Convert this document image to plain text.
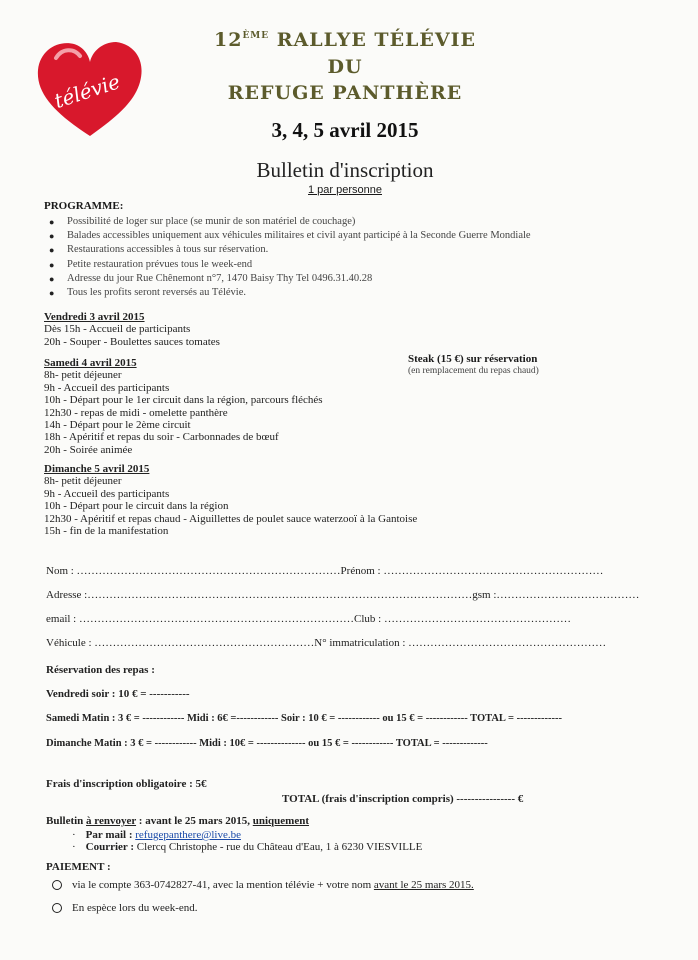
télévie
12ÈME RALLYE TÉLÉVIE
DU
REFUGE PANTHÈRE
3, 4, 5 avril 2015
Bulletin d'inscription
1 par personne
PROGRAMME:
● Possibilité de loger sur place (se munir de son matériel de couchage)
● Balades accessibles uniquement aux véhicules militaires et civil ayant participé à la Seconde Guerre Mondiale
● Restaurations accessibles à tous sur réservation.
● Petite restauration prévues tous le week-end
● Adresse du jour Rue Chênemont n°7, 1470 Baisy Thy Tel 0496.31.40.28
● Tous les profits seront reversés au Télévie.
Vendredi 3 avril 2015
Dès 15h - Accueil de participants
20h - Souper - Boulettes sauces tomates
Samedi 4 avril 2015
8h- petit déjeuner
9h - Accueil des participants
10h - Départ pour le 1er circuit dans la région, parcours fléchés
12h30 - repas de midi - omelette panthère
14h - Départ pour le 2ème circuit
18h - Apéritif et repas du soir - Carbonnades de bœuf
20h - Soirée animée
Steak (15 €) sur réservation
(en remplacement du repas chaud)
Dimanche 5 avril 2015
8h- petit déjeuner
9h - Accueil des participants
10h - Départ pour le circuit dans la région
12h30 - Apéritif et repas chaud - Aiguillettes de poulet sauce waterzooï à la Gantoise
15h - fin de la manifestation
Nom : ………………………………………………………………Prénom : ……………………………………………………
Adresse :……………………………………………………………………………………………gsm :…………………………………
email : …………………………………………………………………Club : ……………………………………………
Véhicule : ……………………………………………………N° immatriculation : ………………………………………………
Réservation des repas :
Vendredi soir : 10 € = -----------
Samedi Matin : 3 € = ------------ Midi : 6€ =------------ Soir : 10 € = ------------ ou 15 € = ------------ TOTAL = -------------
Dimanche Matin : 3 € = ------------ Midi : 10€ = -------------- ou 15 € = ------------ TOTAL = -------------
Frais d'inscription obligatoire : 5€
TOTAL (frais d'inscription compris) ---------------- €
Bulletin à renvoyer : avant le 25 mars 2015, uniquement
· Par mail : refugepanthere@live.be
· Courrier : Clercq Christophe - rue du Château d'Eau, 1 à 6230 VIESVILLE
PAIEMENT :
via le compte 363-0742827-41, avec la mention télévie + votre nom avant le 25 mars 2015.
En espèce lors du week-end.
